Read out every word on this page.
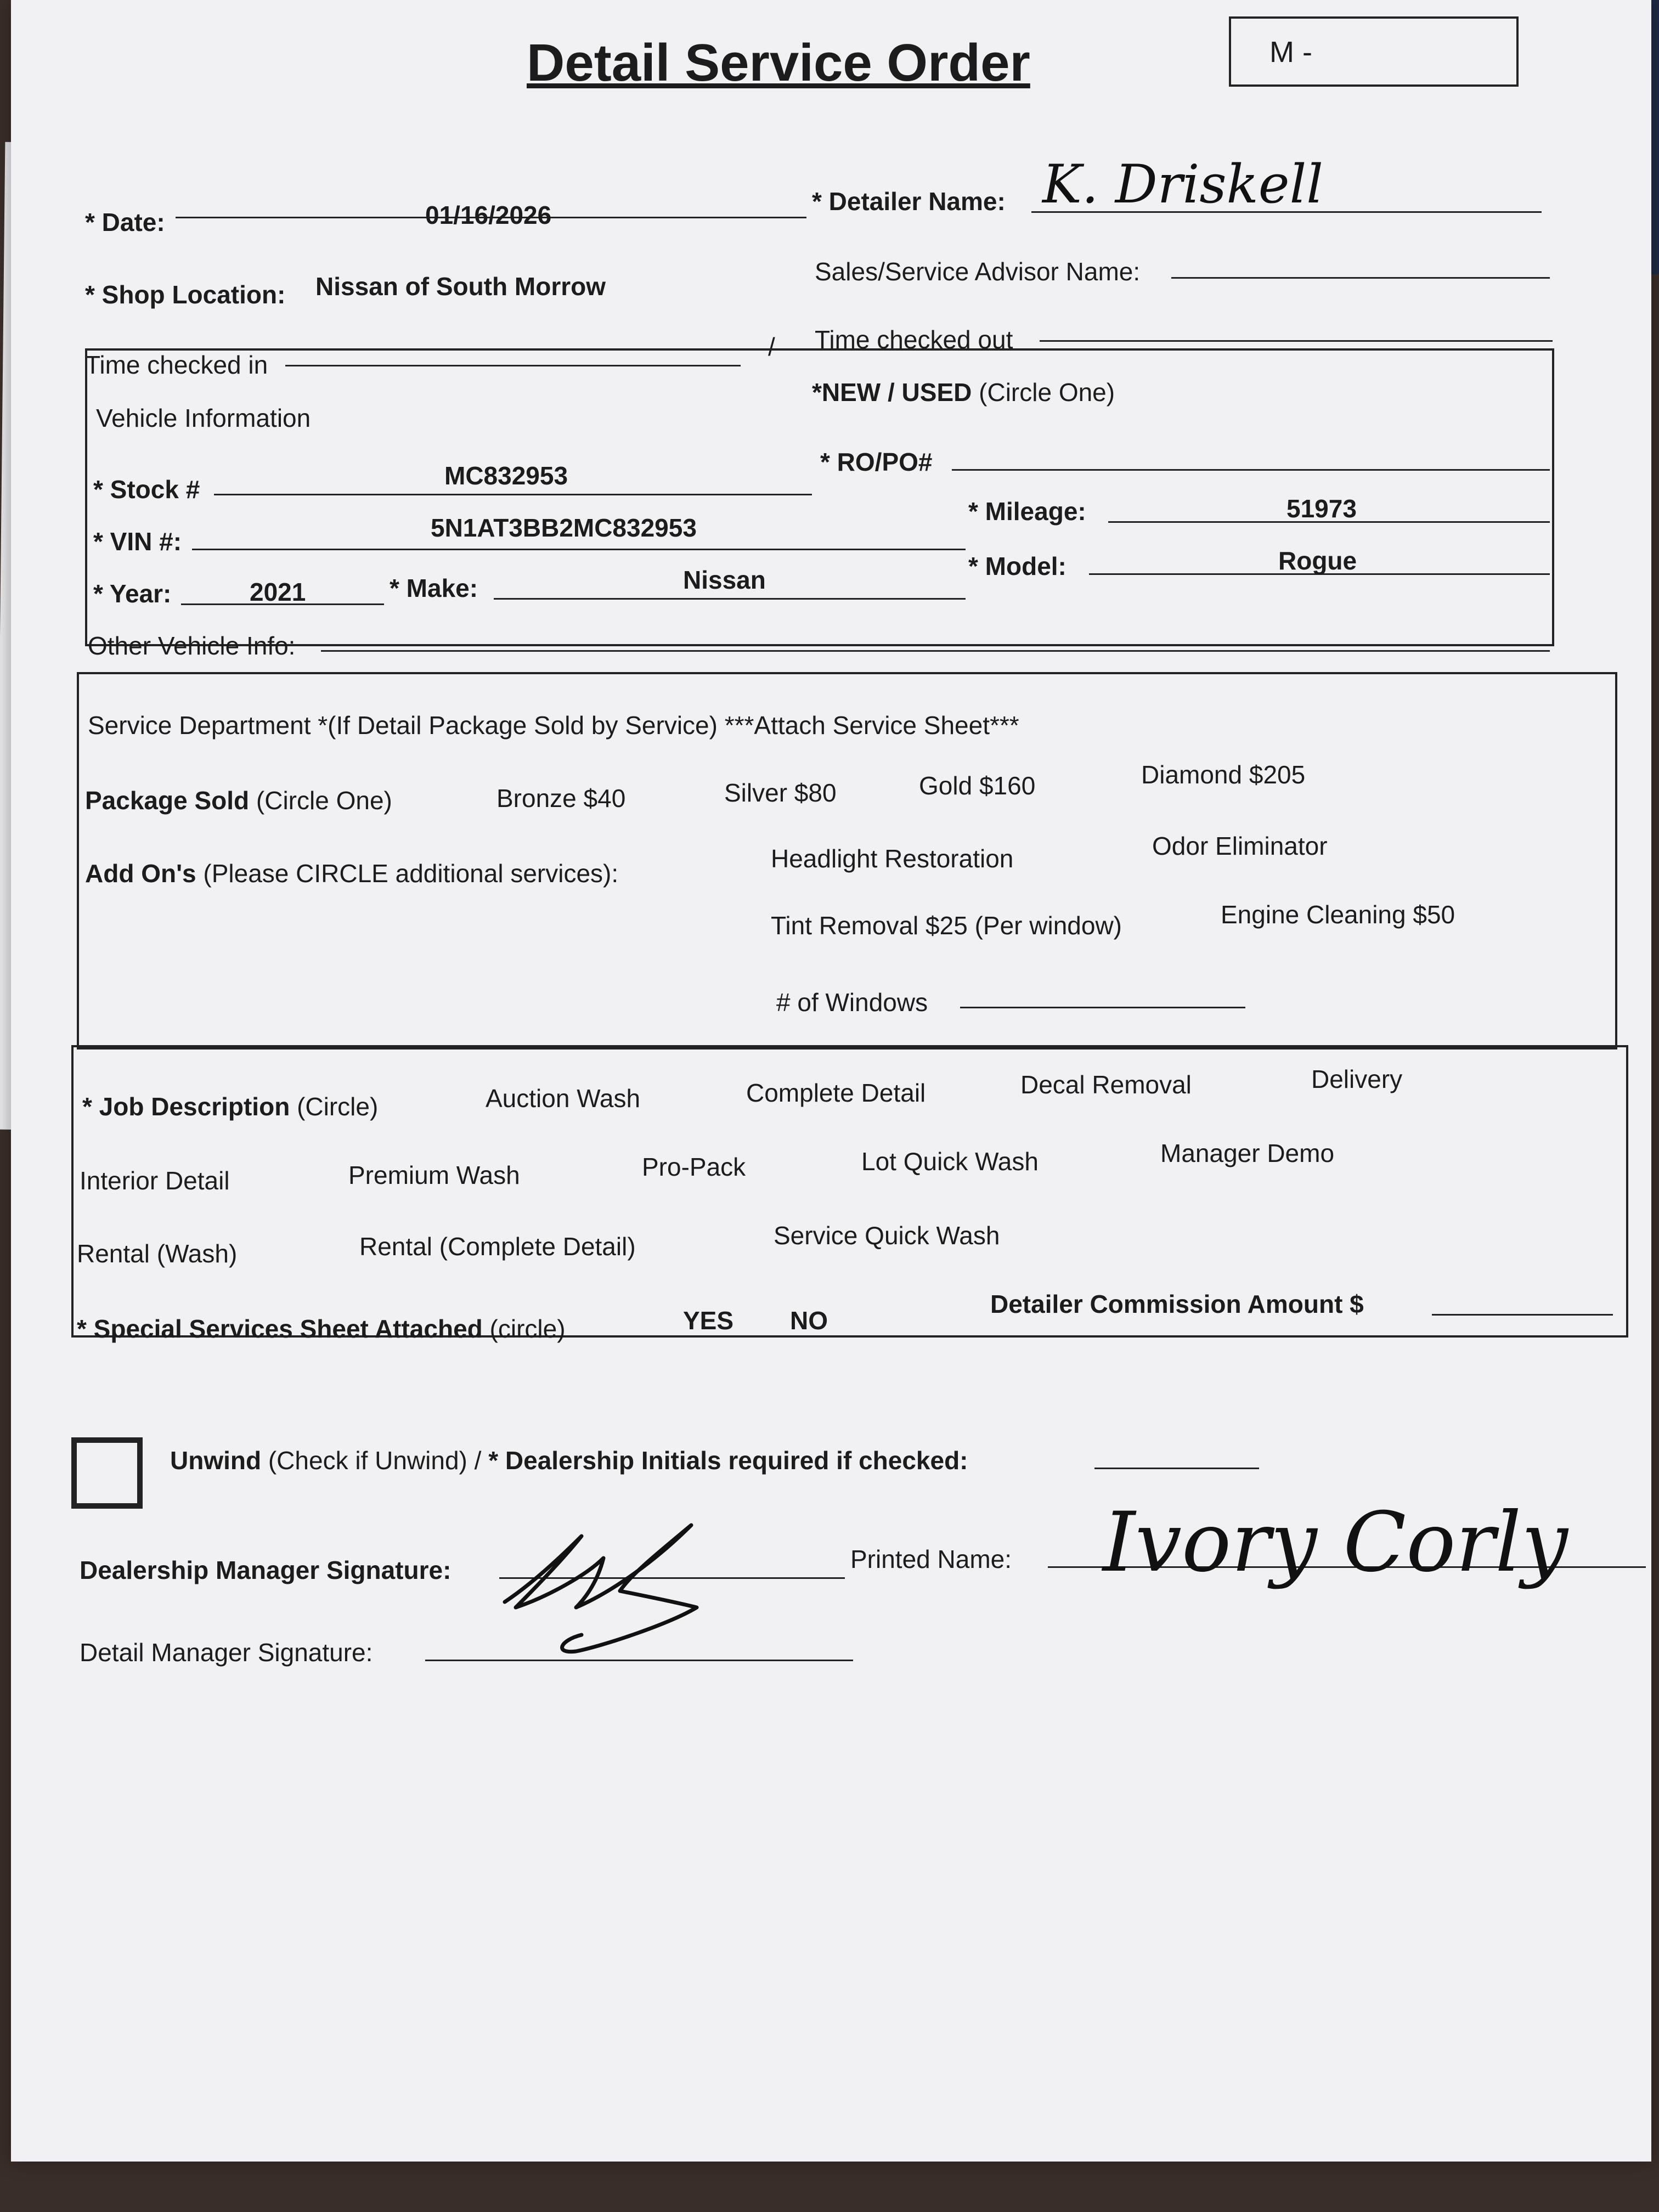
Detail Service Order	M -
* Date:	01/16/2026	* Detailer Name: K. Driskell
* Shop Location: Nissan of South Morrow
Sales/Service Advisor Name:
Time checked in
/ Time checked out
Vehicle Information
*NEW / USED (Circle One)
* Stock #	MC832953	* RO/PO#
* VIN #:	5N1AT3BB2MC832953
* Mileage:	51973
* Year:	2021	* Make:	Nissan	* Model:	Rogue
Other Vehicle Info:
Service Department *(If Detail Package Sold by Service) ***Attach Service Sheet***
Package Sold (Circle One)	Bronze $40	Silver $80	Gold $160	Diamond $205
Add On's (Please CIRCLE additional services):
Headlight Restoration	Odor Eliminator
Tint Removal $25 (Per window)	Engine Cleaning $50
# of Windows
* Job Description (Circle)	Auction Wash	Complete Detail	Decal Removal	Delivery
Interior Detail	Premium Wash	Pro-Pack	Lot Quick Wash	Manager Demo
Rental (Wash)	Rental (Complete Detail)	Service Quick Wash
* Special Services Sheet Attached (circle)	YES NO
Detailer Commission Amount $
Unwind (Check if Unwind) / * Dealership Initials required if checked:
Dealership Manager Signature:	Printed Name: Ivory Corly
Detail Manager Signature:
